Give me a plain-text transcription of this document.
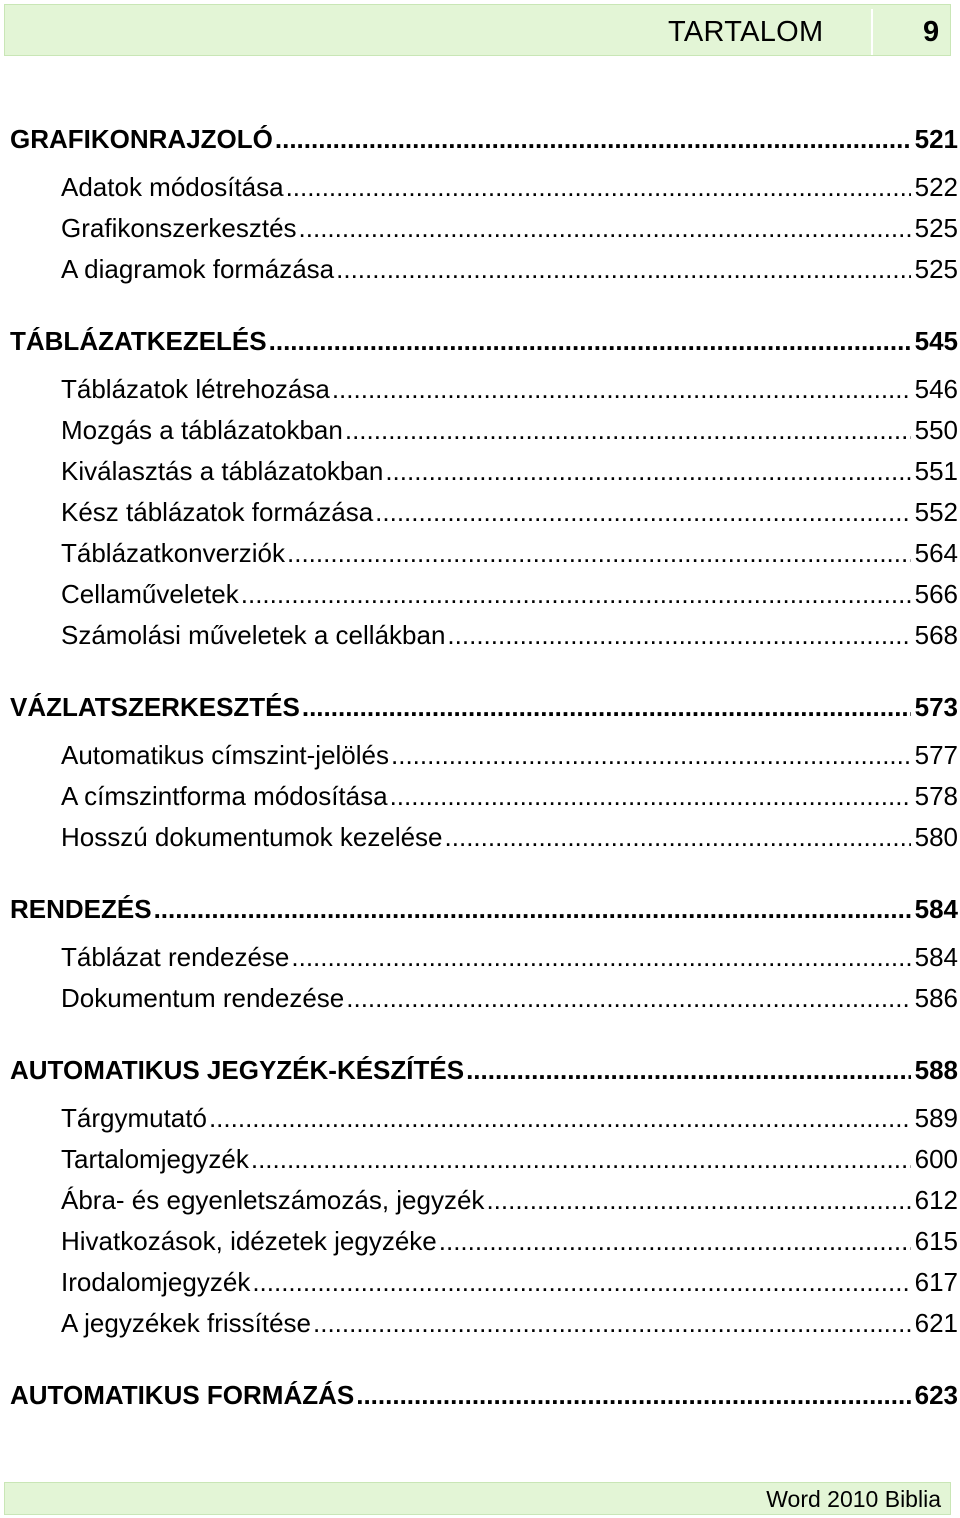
TARTALOM	9
GRAFIKONRAJZOLÓ .....	521
Adatok módosítása .....	522
Grafikonszerkesztés .....	525
A diagramok formázása .....	525
TÁBLÁZATKEZELÉS .....	545
Táblázatok létrehozása .....	546
Mozgás a táblázatokban .....	550
Kiválasztás a táblázatokban .....	551
Kész táblázatok formázása .....	552
Táblázatkonverziók .....	564
Cellaműveletek .....	566
Számolási műveletek a cellákban .....	568
VÁZLATSZERKESZTÉS .....	573
Automatikus címszint-jelölés .....	577
A címszintforma módosítása .....	578
Hosszú dokumentumok kezelése .....	580
RENDEZÉS .....	584
Táblázat rendezése .....	584
Dokumentum rendezése .....	586
AUTOMATIKUS JEGYZÉK-KÉSZÍTÉS .....	588
Tárgymutató .....	589
Tartalomjegyzék .....	600
Ábra- és egyenletszámozás, jegyzék .....	612
Hivatkozások, idézetek jegyzéke .....	615
Irodalomjegyzék .....	617
A jegyzékek frissítése .....	621
AUTOMATIKUS FORMÁZÁS .....	623
Word 2010 Biblia
